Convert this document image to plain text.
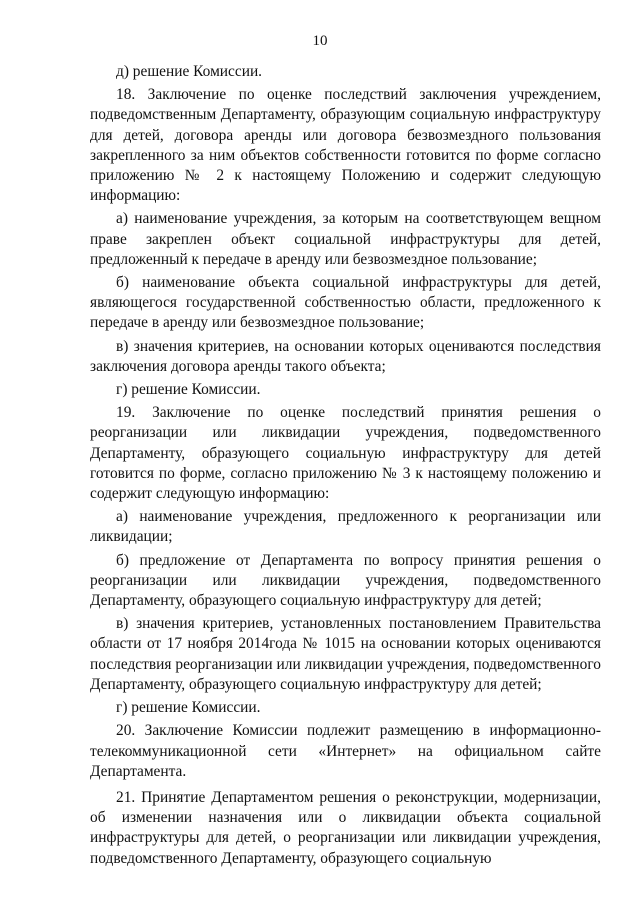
10

д) решение Комиссии.

18. Заключение по оценке последствий заключения учреждением, подведомственным Департаменту, образующим социальную инфраструктуру для детей, договора аренды или договора безвозмездного пользования закрепленного за ним объектов собственности готовится по форме согласно приложению № 2 к настоящему Положению и содержит следующую информацию:

а) наименование учреждения, за которым на соответствующем вещном праве закреплен объект социальной инфраструктуры для детей, предложенный к передаче в аренду или безвозмездное пользование;

б) наименование объекта социальной инфраструктуры для детей, являющегося государственной собственностью области, предложенного к передаче в аренду или безвозмездное пользование;

в) значения критериев, на основании которых оцениваются последствия заключения договора аренды такого объекта;

г) решение Комиссии.

19. Заключение по оценке последствий принятия решения о реорганизации или ликвидации учреждения, подведомственного Департаменту, образующего социальную инфраструктуру для детей готовится по форме, согласно приложению № 3 к настоящему положению и содержит следующую информацию:

а) наименование учреждения, предложенного к реорганизации или ликвидации;

б) предложение от Департамента по вопросу принятия решения о реорганизации или ликвидации учреждения, подведомственного Департаменту, образующего социальную инфраструктуру для детей;

в) значения критериев, установленных постановлением Правительства области от 17 ноября 2014года № 1015 на основании которых оцениваются последствия реорганизации или ликвидации учреждения, подведомственного Департаменту, образующего социальную инфраструктуру для детей;

г) решение Комиссии.

20. Заключение Комиссии подлежит размещению в информационно-телекоммуникационной сети «Интернет» на официальном сайте Департамента.

21. Принятие Департаментом решения о реконструкции, модернизации, об изменении назначения или о ликвидации объекта социальной инфраструктуры для детей, о реорганизации или ликвидации учреждения, подведомственного Департаменту, образующего социальную
